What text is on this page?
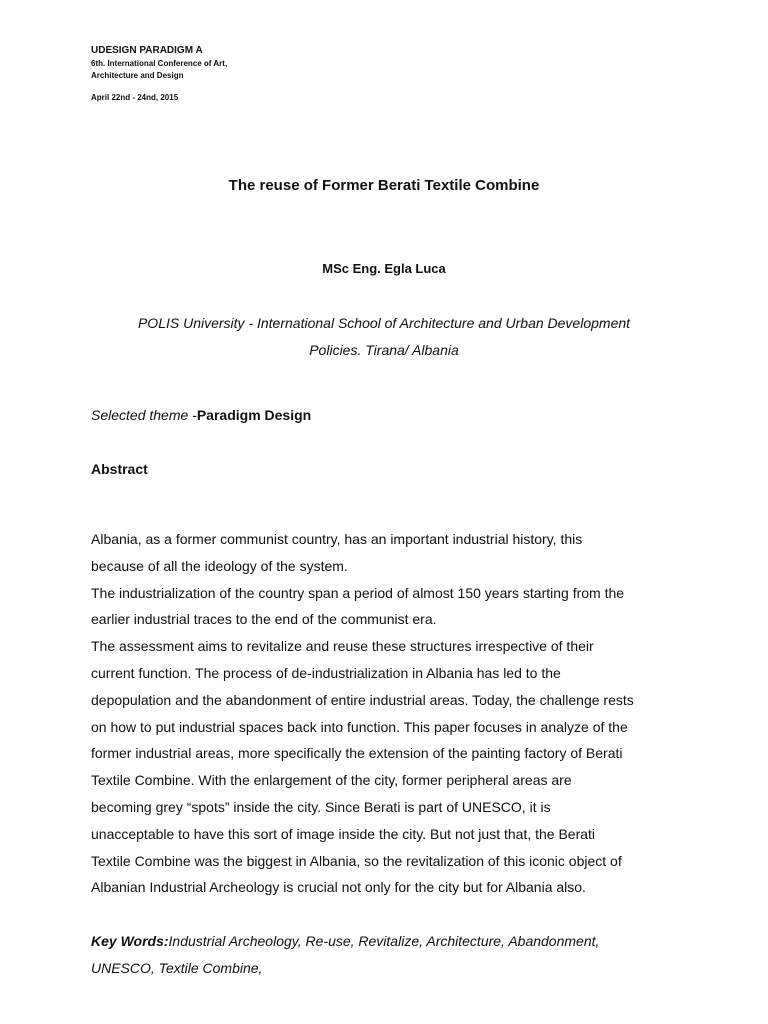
UDESIGN PARADIGM A
6th. International Conference of Art,
Architecture and Design
April 22nd - 24nd, 2015
The reuse of Former Berati Textile Combine
MSc Eng. Egla Luca
POLIS University - International School of Architecture and Urban Development
Policies. Tirana/ Albania
Selected theme -Paradigm Design
Abstract
Albania, as a former communist country, has an important industrial history, this
because of all the ideology of the system.
The industrialization of the country span a period of almost 150 years starting from the
earlier industrial traces to the end of the communist era.
The assessment aims to revitalize and reuse these structures irrespective of their
current function. The process of de-industrialization in Albania has led to the
depopulation and the abandonment of entire industrial areas. Today, the challenge rests
on how to put industrial spaces back into function. This paper focuses in analyze of the
former industrial areas, more specifically the extension of the painting factory of Berati
Textile Combine. With the enlargement of the city, former peripheral areas are
becoming grey “spots” inside the city. Since Berati is part of UNESCO, it is
unacceptable to have this sort of image inside the city. But not just that, the Berati
Textile Combine was the biggest in Albania, so the revitalization of this iconic object of
Albanian Industrial Archeology is crucial not only for the city but for Albania also.
Key Words:Industrial Archeology, Re-use, Revitalize, Architecture, Abandonment,
UNESCO, Textile Combine,
